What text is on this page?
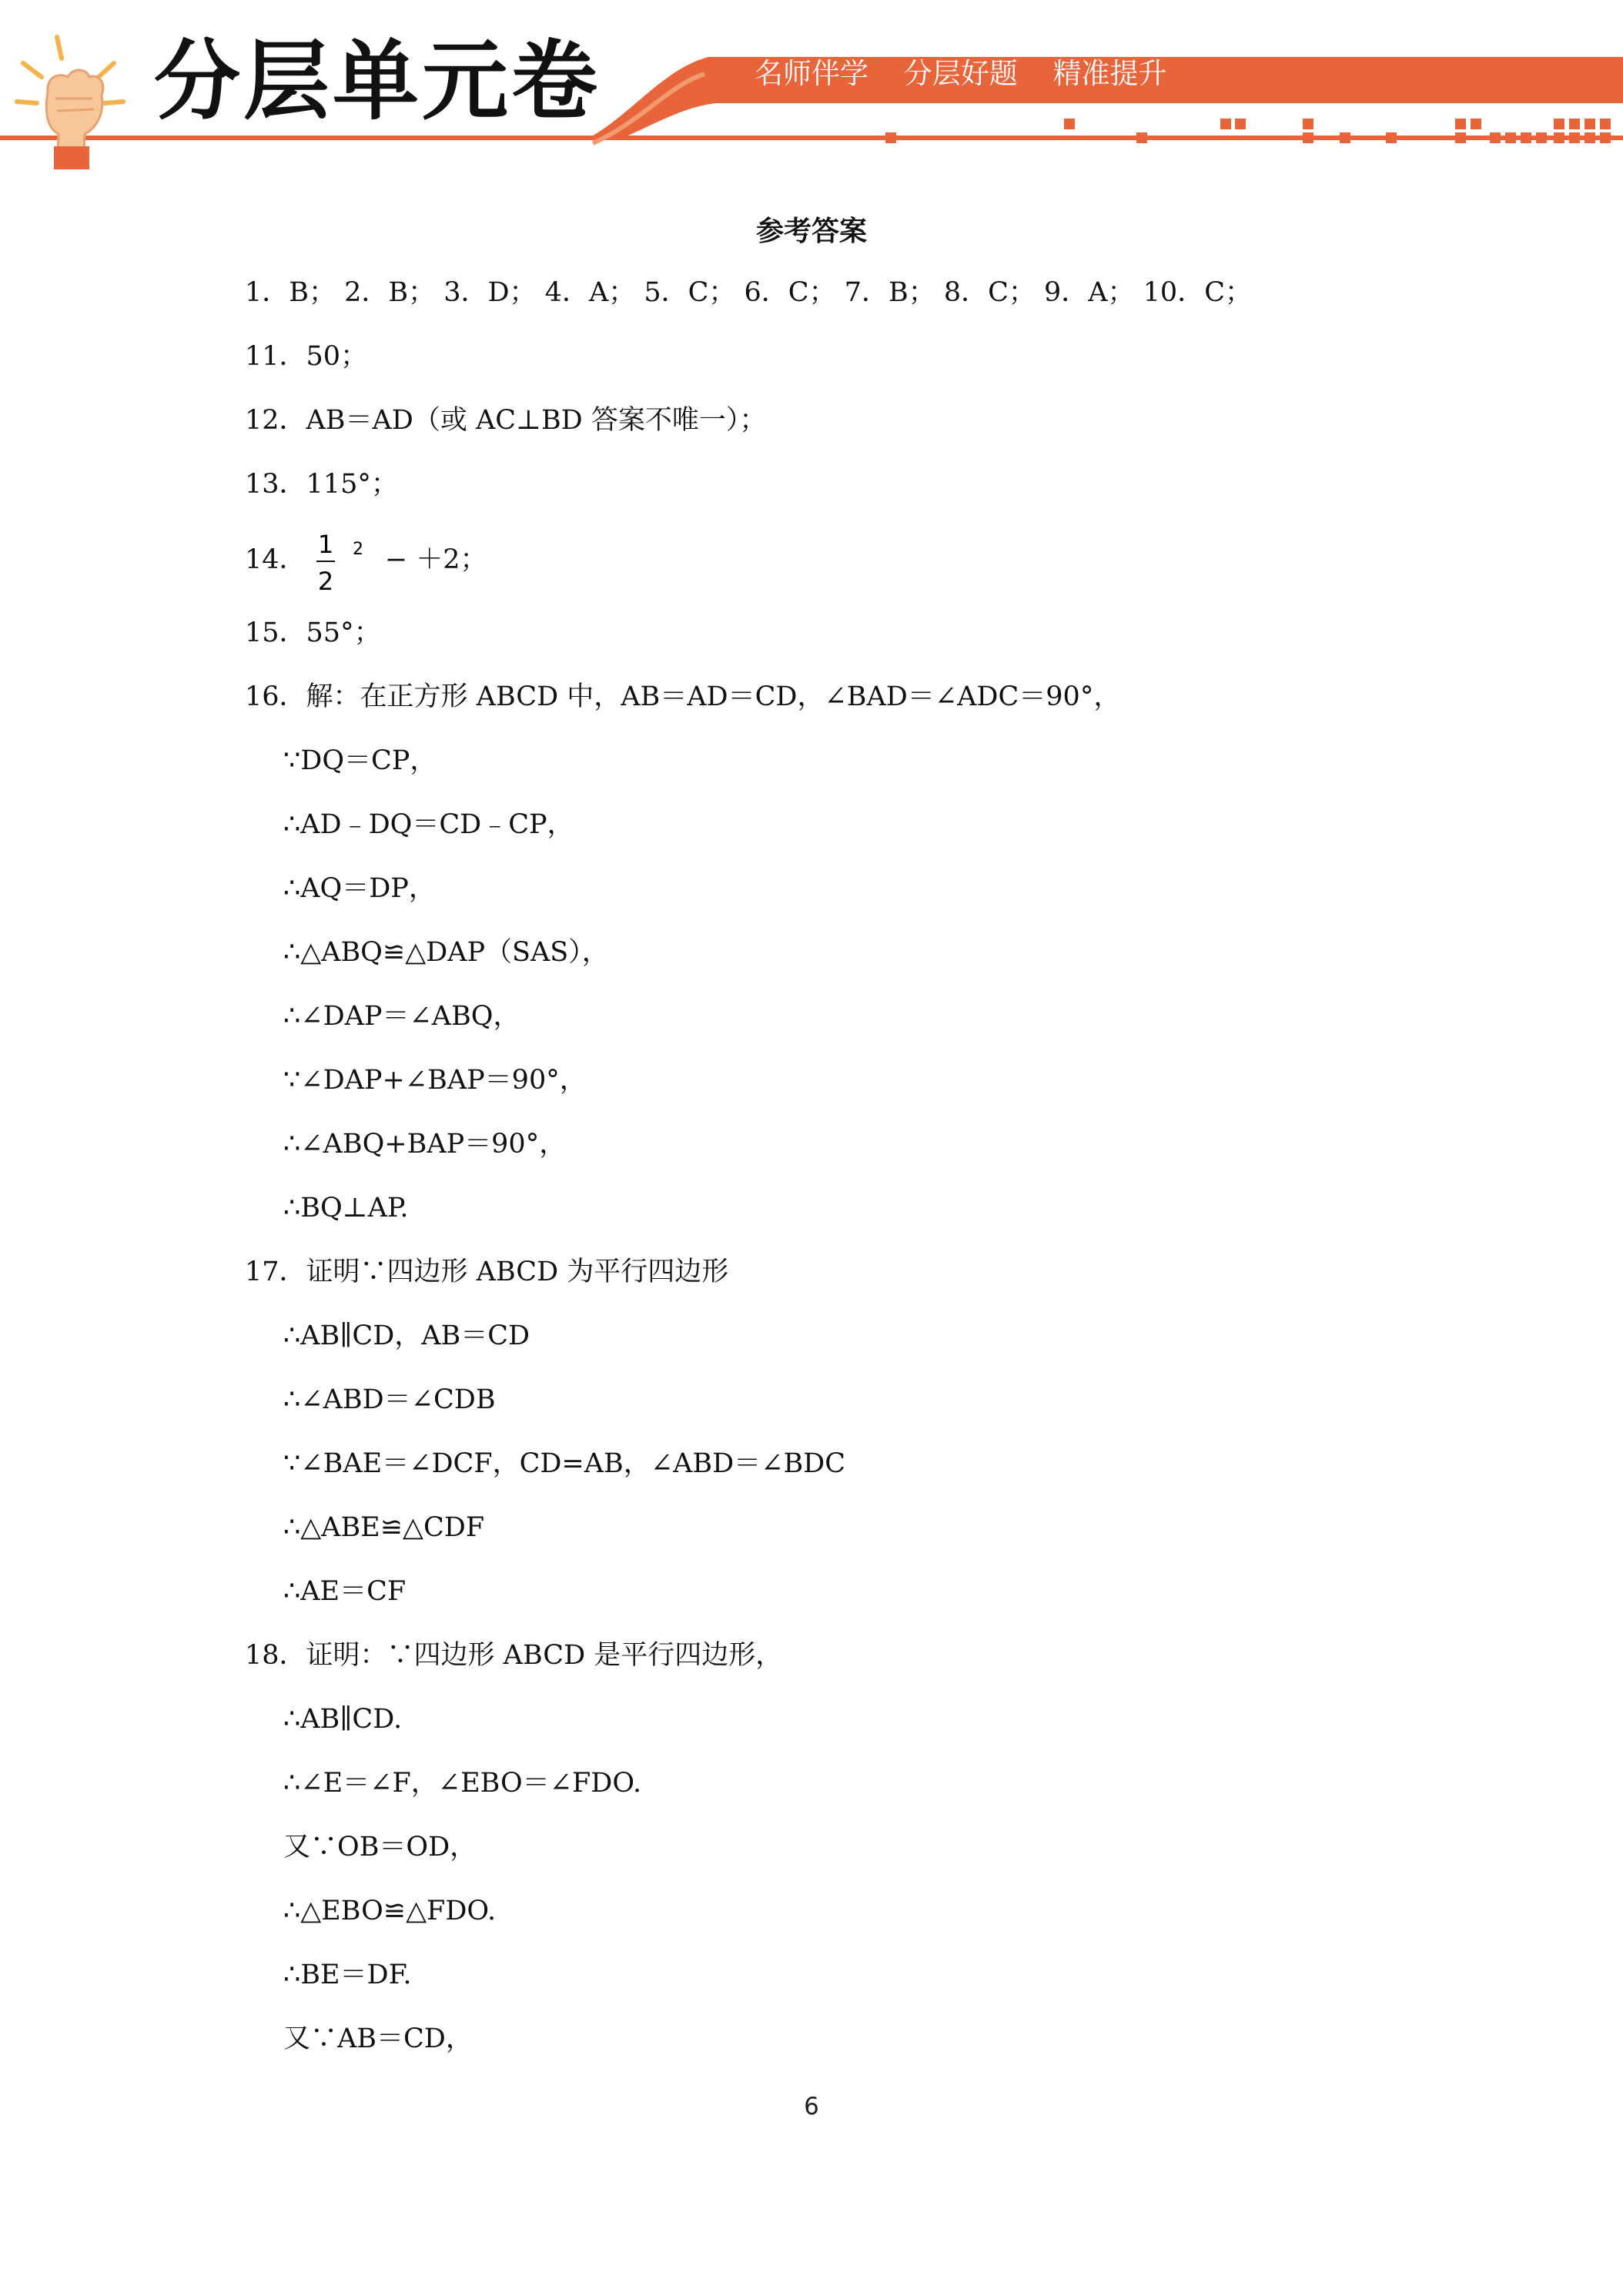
分层单元卷	名师伴学 分层好题 精准提升
参考答案
1．B； 2．B； 3．D； 4．A； 5．C； 6．C； 7．B； 8．C； 9．A； 10．C；
11．50；
12．AB＝AD（或 AC⊥BD 答案不唯一）；
13．115°；
14．
1
2
2 − ＋2；
15．55°；
16．解：在正方形 ABCD 中，AB＝AD＝CD，∠BAD＝∠ADC＝90°，
∵DQ＝CP，
∴AD﹣DQ＝CD﹣CP，
∴AQ＝DP，
∴△ABQ≌△DAP（SAS），
∴∠DAP＝∠ABQ，
∵∠DAP+∠BAP＝90°，
∴∠ABQ+BAP＝90°，
∴BQ⊥AP.
17．证明∵四边形 ABCD 为平行四边形
∴AB∥CD，AB＝CD
∴∠ABD＝∠CDB
∵∠BAE＝∠DCF，CD=AB，∠ABD＝∠BDC
∴△ABE≌△CDF
∴AE＝CF
18．证明：∵四边形 ABCD 是平行四边形，
∴AB∥CD.
∴∠E＝∠F，∠EBO＝∠FDO.
又∵OB＝OD，
∴△EBO≌△FDO.
∴BE＝DF.
又∵AB＝CD，
6
